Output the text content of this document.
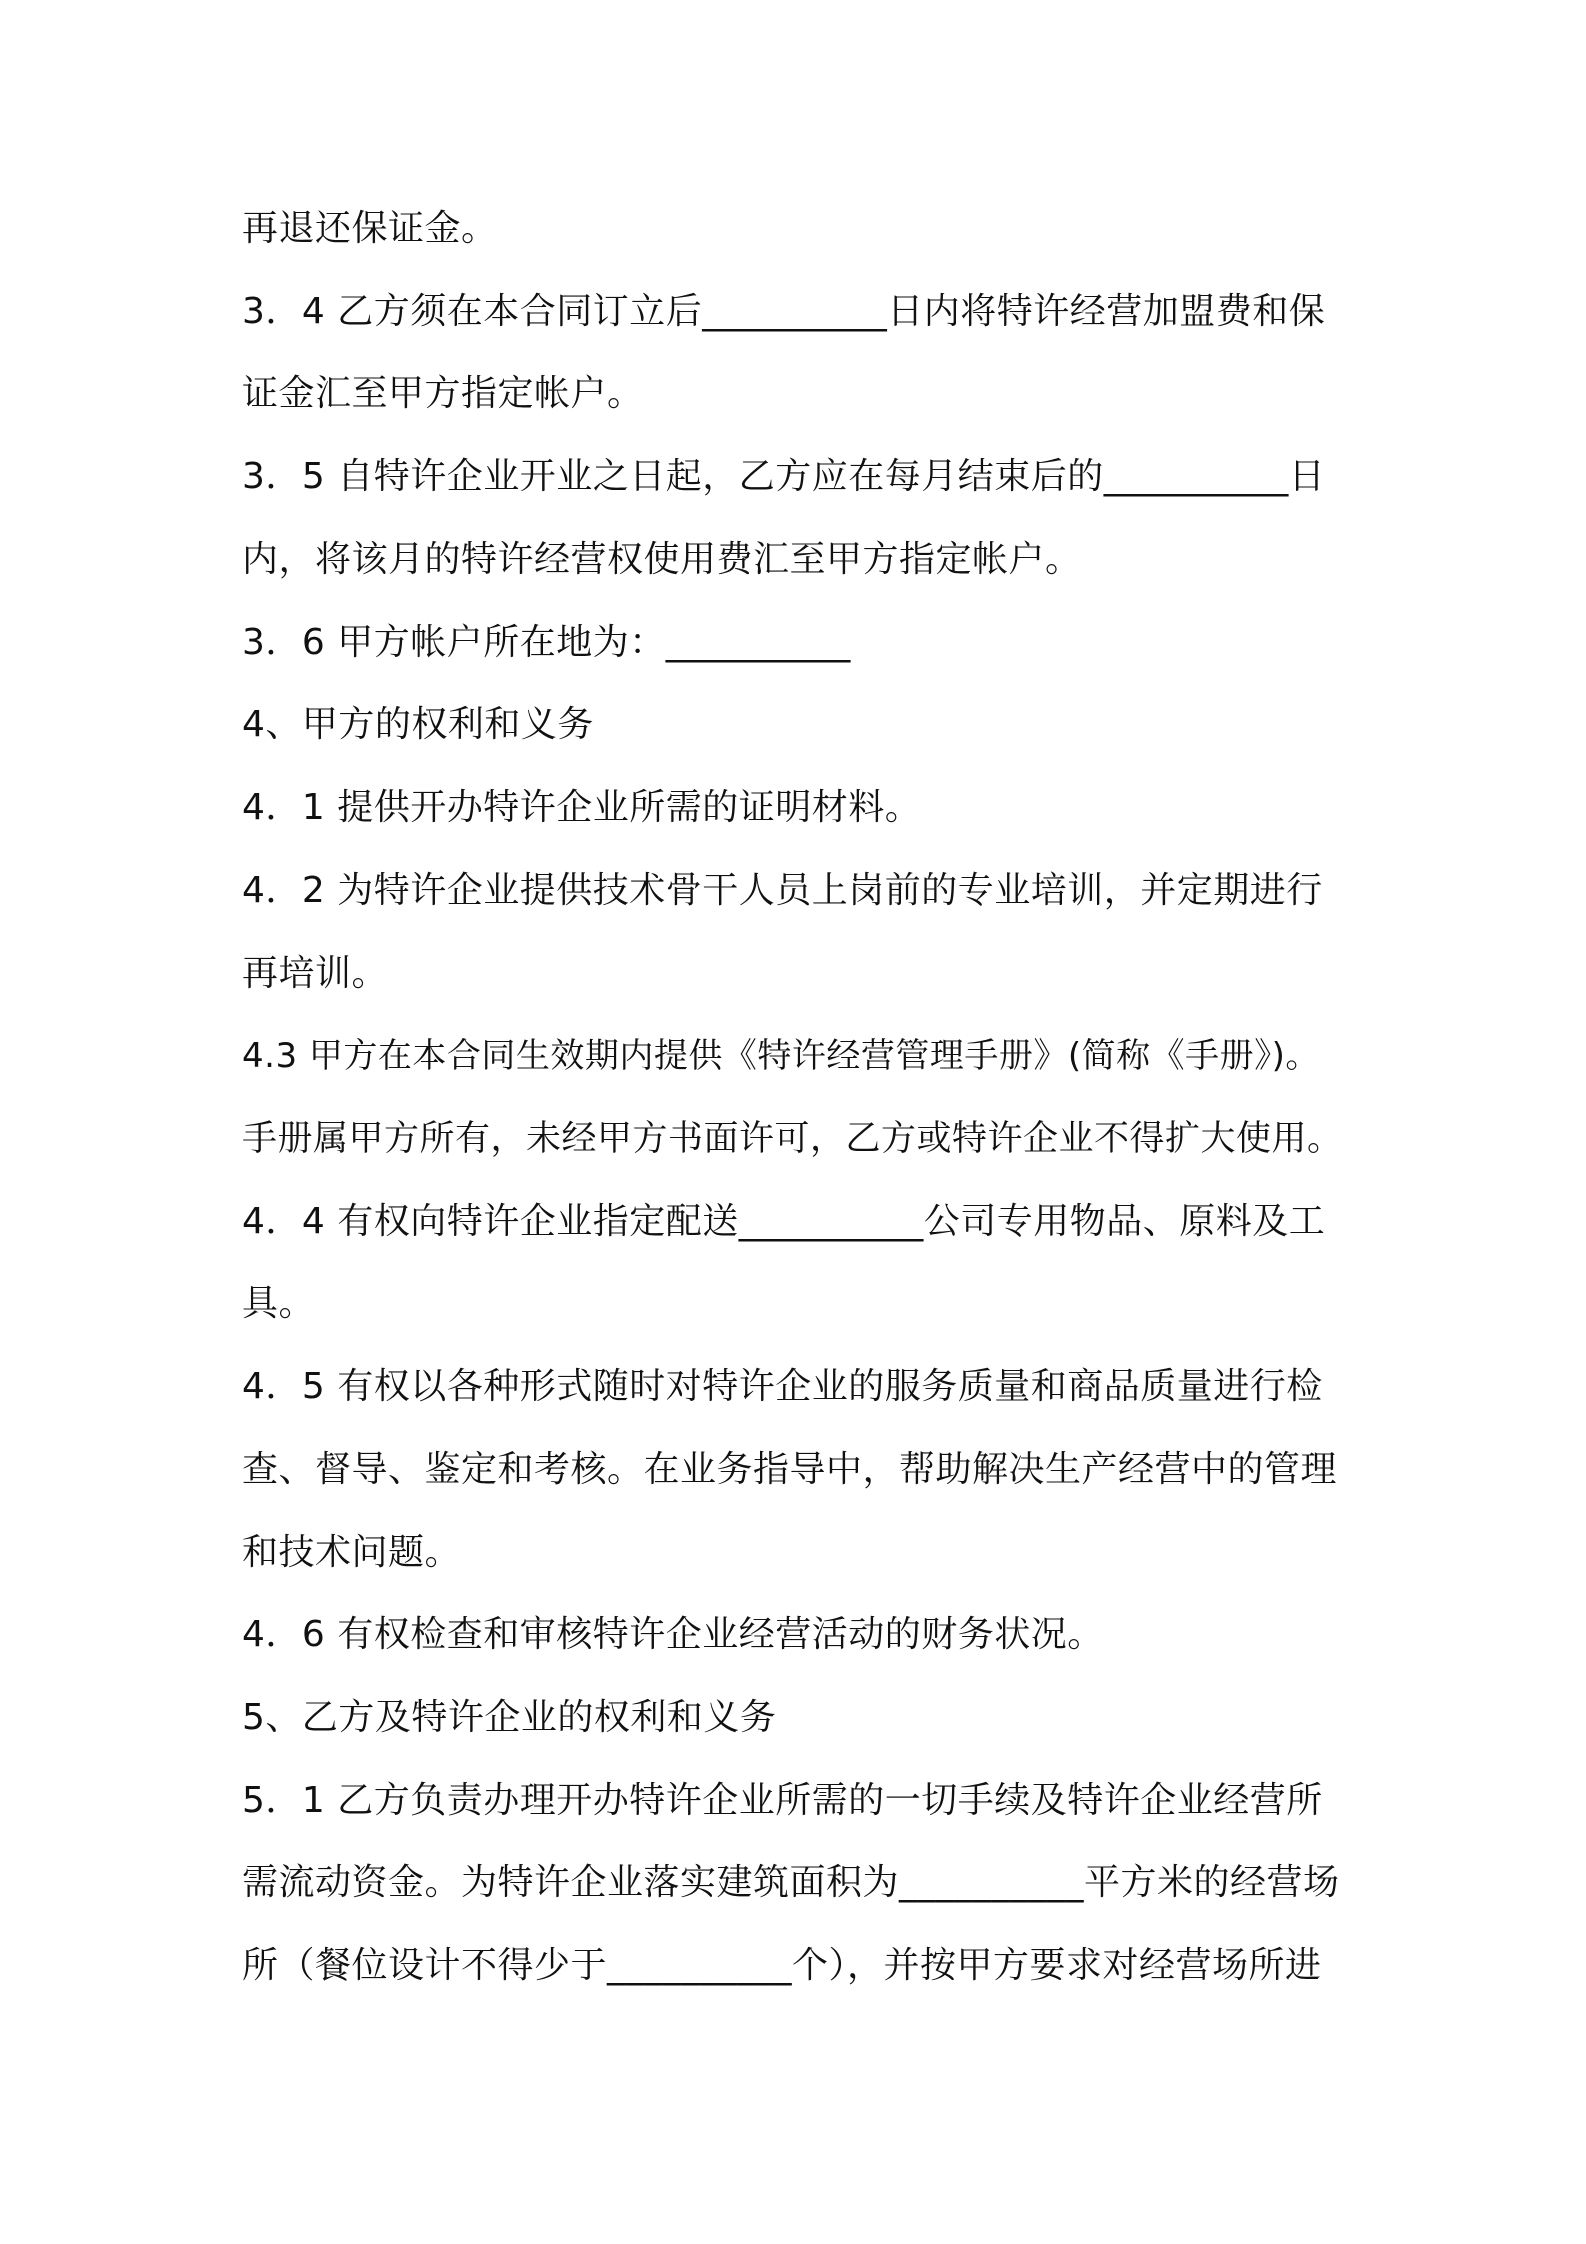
再退还保证金。
3．4 乙方须在本合同订立后__________日内将特许经营加盟费和保
证金汇至甲方指定帐户。
3．5 自特许企业开业之日起，乙方应在每月结束后的__________日
内，将该月的特许经营权使用费汇至甲方指定帐户。
3．6 甲方帐户所在地为：__________
4、甲方的权利和义务
4．1 提供开办特许企业所需的证明材料。
4．2 为特许企业提供技术骨干人员上岗前的专业培训，并定期进行
再培训。
4.3 甲方在本合同生效期内提供《特许经营管理手册》(简称《手册》)。
手册属甲方所有，未经甲方书面许可，乙方或特许企业不得扩大使用。
4．4 有权向特许企业指定配送__________公司专用物品、原料及工
具。
4．5 有权以各种形式随时对特许企业的服务质量和商品质量进行检
查、督导、鉴定和考核。在业务指导中，帮助解决生产经营中的管理
和技术问题。
4．6 有权检查和审核特许企业经营活动的财务状况。
5、乙方及特许企业的权利和义务
5．1 乙方负责办理开办特许企业所需的一切手续及特许企业经营所
需流动资金。为特许企业落实建筑面积为__________平方米的经营场
所（餐位设计不得少于__________个），并按甲方要求对经营场所进
